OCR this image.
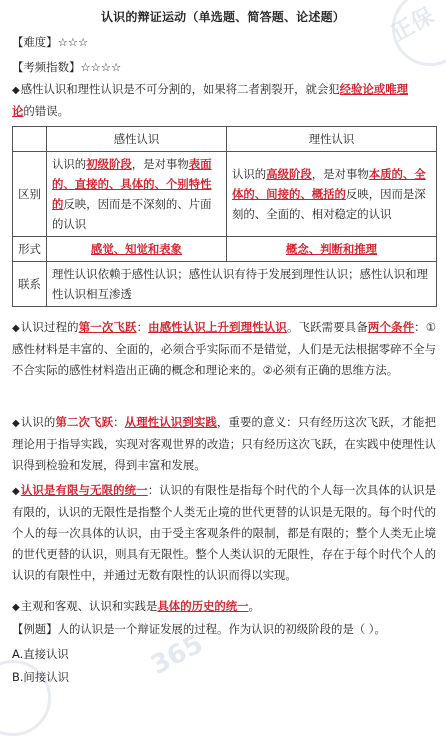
正保
365
认识的辩证运动（单选题、简答题、论述题）
【难度】☆☆☆
【考频指数】☆☆☆☆
◆感性认识和理性认识是不可分割的，如果将二者割裂开，就会犯经验论或唯理
论的错误。
	感性认识	理性认识
区别	认识的初级阶段，是对事物表面的、直接的、具体的、个别特性的反映，因而是不深刻的、片面的认识	认识的高级阶段，是对事物本质的、全体的、间接的、概括的反映，因而是深刻的、全面的、相对稳定的认识
形式	感觉、知觉和表象	概念、判断和推理
联系	理性认识依赖于感性认识；感性认识有待于发展到理性认识；感性认识和理性认识相互渗透	
◆认识过程的第一次飞跃：由感性认识上升到理性认识。飞跃需要具备两个条件：①感性材料是丰富的、全面的，必须合乎实际而不是错觉，人们是无法根据零碎不全与不合实际的感性材料造出正确的概念和理论来的。②必须有正确的思维方法。
◆认识的第二次飞跃：从理性认识到实践，重要的意义：只有经历这次飞跃，才能把理论用于指导实践，实现对客观世界的改造；只有经历这次飞跃，在实践中使理性认识得到检验和发展，得到丰富和发展。
◆认识是有限与无限的统一：认识的有限性是指每个时代的个人每一次具体的认识是有限的，认识的无限性是指整个人类无止境的世代更替的认识是无限的。每个时代的个人的每一次具体的认识，由于受主客观条件的限制，都是有限的；整个人类无止境的世代更替的认识，则具有无限性。整个人类认识的无限性，存在于每个时代个人的认识的有限性中，并通过无数有限性的认识而得以实现。
◆主观和客观、认识和实践是具体的历史的统一。
【例题】人的认识是一个辩证发展的过程。作为认识的初级阶段的是（ ）。
A.直接认识
B.间接认识
